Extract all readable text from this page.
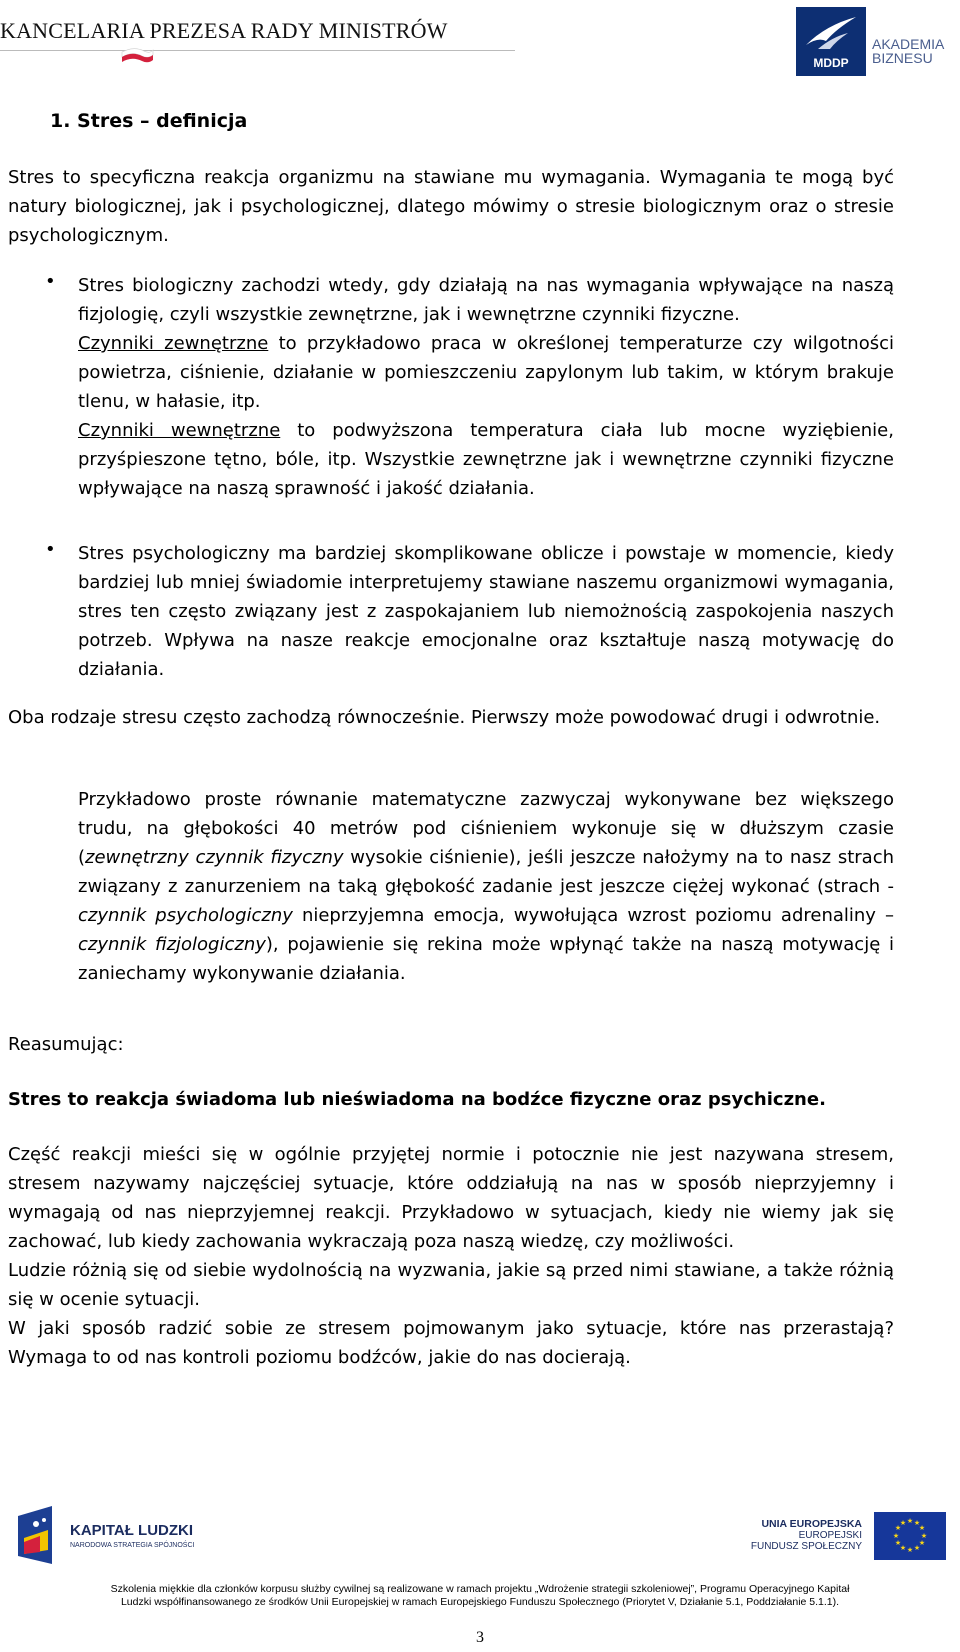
KANCELARIA PREZESA RADY MINISTRÓW
MDDP
AKADEMIA
BIZNESU
1. Stres – definicja
Stres to specyficzna reakcja organizmu na stawiane mu wymagania. Wymagania te mogą być natury biologicznej, jak i psychologicznej, dlatego mówimy o stresie biologicznym oraz o stresie psychologicznym.
• Stres biologiczny zachodzi wtedy, gdy działają na nas wymagania wpływające na naszą fizjologię, czyli wszystkie zewnętrzne, jak i wewnętrzne czynniki fizyczne.
Czynniki zewnętrzne to przykładowo praca w określonej temperaturze czy wilgotności powietrza, ciśnienie, działanie w pomieszczeniu zapylonym lub takim, w którym brakuje tlenu, w hałasie, itp.
Czynniki wewnętrzne to podwyższona temperatura ciała lub mocne wyziębienie, przyśpieszone tętno, bóle, itp. Wszystkie zewnętrzne jak i wewnętrzne czynniki fizyczne wpływające na naszą sprawność i jakość działania.
• Stres psychologiczny ma bardziej skomplikowane oblicze i powstaje w momencie, kiedy bardziej lub mniej świadomie interpretujemy stawiane naszemu organizmowi wymagania, stres ten często związany jest z zaspokajaniem lub niemożnością zaspokojenia naszych potrzeb. Wpływa na nasze reakcje emocjonalne oraz kształtuje naszą motywację do działania.
Oba rodzaje stresu często zachodzą równocześnie. Pierwszy może powodować drugi i odwrotnie.
Przykładowo proste równanie matematyczne zazwyczaj wykonywane bez większego trudu, na głębokości 40 metrów pod ciśnieniem wykonuje się w dłuższym czasie (zewnętrzny czynnik fizyczny wysokie ciśnienie), jeśli jeszcze nałożymy na to nasz strach związany z zanurzeniem na taką głębokość zadanie jest jeszcze ciężej wykonać (strach - czynnik psychologiczny nieprzyjemna emocja, wywołująca wzrost poziomu adrenaliny – czynnik fizjologiczny), pojawienie się rekina może wpłynąć także na naszą motywację i zaniechamy wykonywanie działania.
Reasumując:
Stres to reakcja świadoma lub nieświadoma na bodźce fizyczne oraz psychiczne.
Część reakcji mieści się w ogólnie przyjętej normie i potocznie nie jest nazywana stresem, stresem nazywamy najczęściej sytuacje, które oddziałują na nas w sposób nieprzyjemny i wymagają od nas nieprzyjemnej reakcji. Przykładowo w sytuacjach, kiedy nie wiemy jak się zachować, lub kiedy zachowania wykraczają poza naszą wiedzę, czy możliwości.
Ludzie różnią się od siebie wydolnością na wyzwania, jakie są przed nimi stawiane, a także różnią się w ocenie sytuacji.
W jaki sposób radzić sobie ze stresem pojmowanym jako sytuacje, które nas przerastają? Wymaga to od nas kontroli poziomu bodźców, jakie do nas docierają.
KAPITAŁ LUDZKI
NARODOWA STRATEGIA SPÓJNOŚCI
UNIA EUROPEJSKA
EUROPEJSKI
FUNDUSZ SPOŁECZNY
★ ★
★
★
★
★
★
★
★
★
★
★
Szkolenia miękkie dla członków korpusu służby cywilnej są realizowane w ramach projektu „Wdrożenie strategii szkoleniowej”, Programu Operacyjnego Kapitał
Ludzki współfinansowanego ze środków Unii Europejskiej w ramach Europejskiego Funduszu Społecznego (Priorytet V, Działanie 5.1, Poddziałanie 5.1.1).
3
